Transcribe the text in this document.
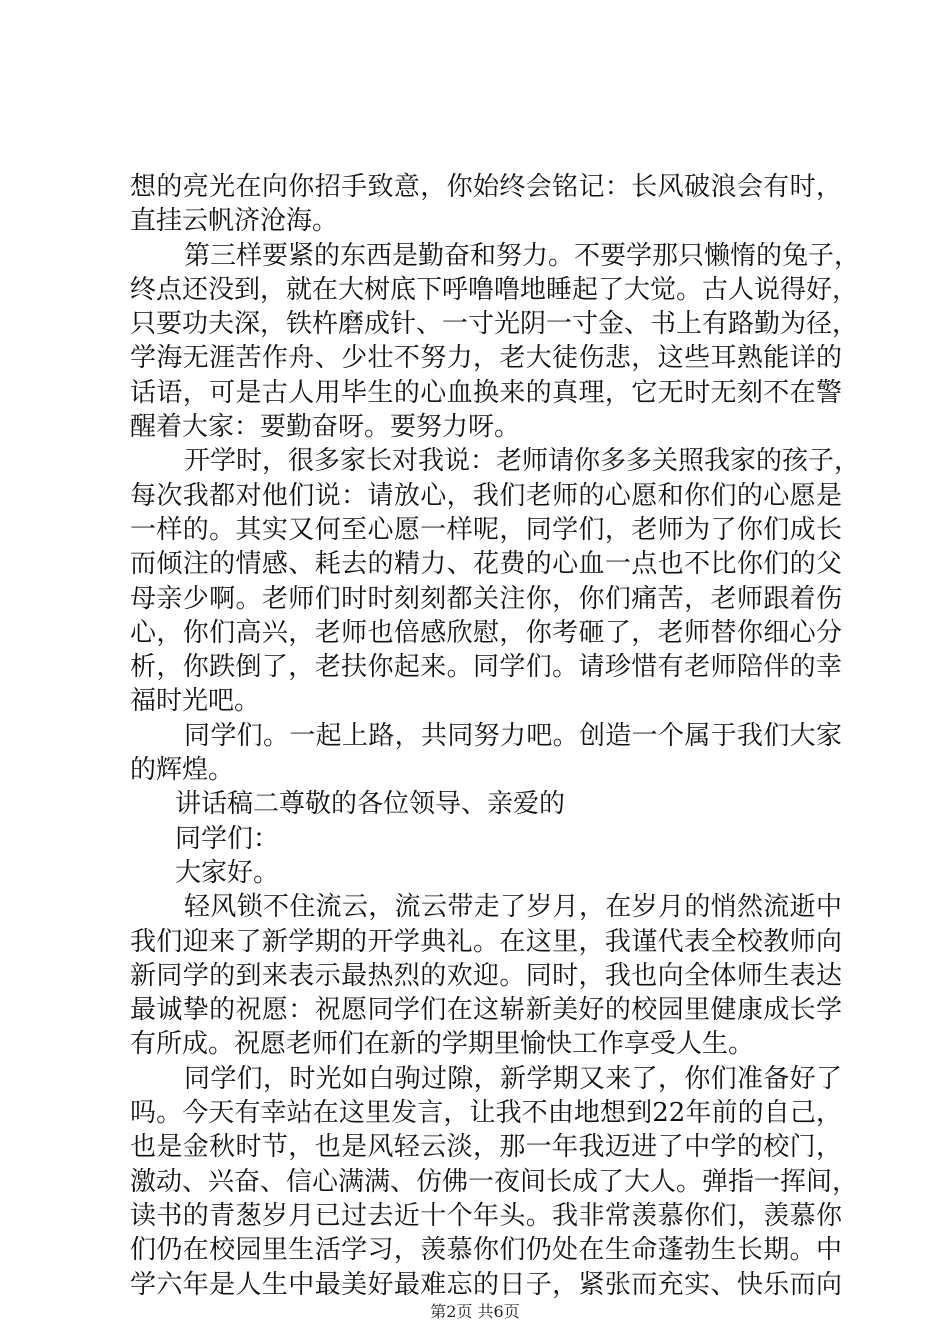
想的亮光在向你招手致意，你始终会铭记：长风破浪会有时，
直挂云帆济沧海。
第三样要紧的东西是勤奋和努力。不要学那只懒惰的兔子，
终点还没到，就在大树底下呼噜噜地睡起了大觉。古人说得好，
只要功夫深，铁杵磨成针、一寸光阴一寸金、书上有路勤为径，
学海无涯苦作舟、少壮不努力，老大徒伤悲，这些耳熟能详的
话语，可是古人用毕生的心血换来的真理，它无时无刻不在警
醒着大家：要勤奋呀。要努力呀。
开学时，很多家长对我说：老师请你多多关照我家的孩子，
每次我都对他们说：请放心，我们老师的心愿和你们的心愿是
一样的。其实又何至心愿一样呢，同学们，老师为了你们成长
而倾注的情感、耗去的精力、花费的心血一点也不比你们的父
母亲少啊。老师们时时刻刻都关注你，你们痛苦，老师跟着伤
心，你们高兴，老师也倍感欣慰，你考砸了，老师替你细心分
析，你跌倒了，老扶你起来。同学们。请珍惜有老师陪伴的幸
福时光吧。
同学们。一起上路，共同努力吧。创造一个属于我们大家
的辉煌。
讲话稿二尊敬的各位领导、亲爱的
同学们：
大家好。
轻风锁不住流云，流云带走了岁月，在岁月的悄然流逝中
我们迎来了新学期的开学典礼。在这里，我谨代表全校教师向
新同学的到来表示最热烈的欢迎。同时，我也向全体师生表达
最诚挚的祝愿：祝愿同学们在这崭新美好的校园里健康成长学
有所成。祝愿老师们在新的学期里愉快工作享受人生。
同学们，时光如白驹过隙，新学期又来了，你们准备好了
吗。今天有幸站在这里发言，让我不由地想到22年前的自己，
也是金秋时节，也是风轻云淡，那一年我迈进了中学的校门，
激动、兴奋、信心满满、仿佛一夜间长成了大人。弹指一挥间，
读书的青葱岁月已过去近十个年头。我非常羡慕你们，羡慕你
们仍在校园里生活学习，羡慕你们仍处在生命蓬勃生长期。中
学六年是人生中最美好最难忘的日子，紧张而充实、快乐而向
第2页 共6页
